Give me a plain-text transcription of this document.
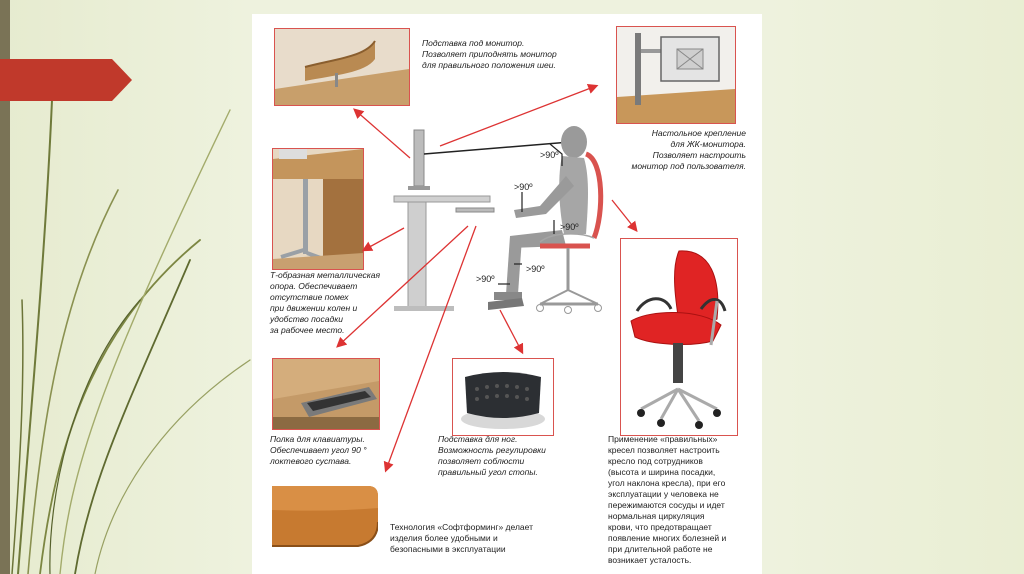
Подставка под монитор.
Позволяет приподнять монитор
для правильного положения шеи.
Настольное крепление
для ЖК-монитора.
Позволяет настроить
монитор под пользователя.
Т-образная металлическая
опора. Обеспечивает
отсутствие помех
при движении колен и
удобство посадки
за рабочее место.
>90º
>90º
>90º
>90º
>90º
Применение «правильных»
кресел позволяет настроить
кресло под сотрудников
(высота и ширина посадки,
угол наклона кресла), при его
эксплуатации у человека не
пережимаются сосуды и идет
нормальная циркуляция
крови, что предотвращает
появление многих болезней и
при длительной работе не
возникает усталость.
Полка для клавиатуры.
Обеспечивает угол 90 °
локтевого сустава.
Подставка для ног.
Возможность регулировки
позволяет соблюсти
правильный угол стопы.
Технология «Софтформинг» делает
изделия более удобными и
безопасными в эксплуатации
